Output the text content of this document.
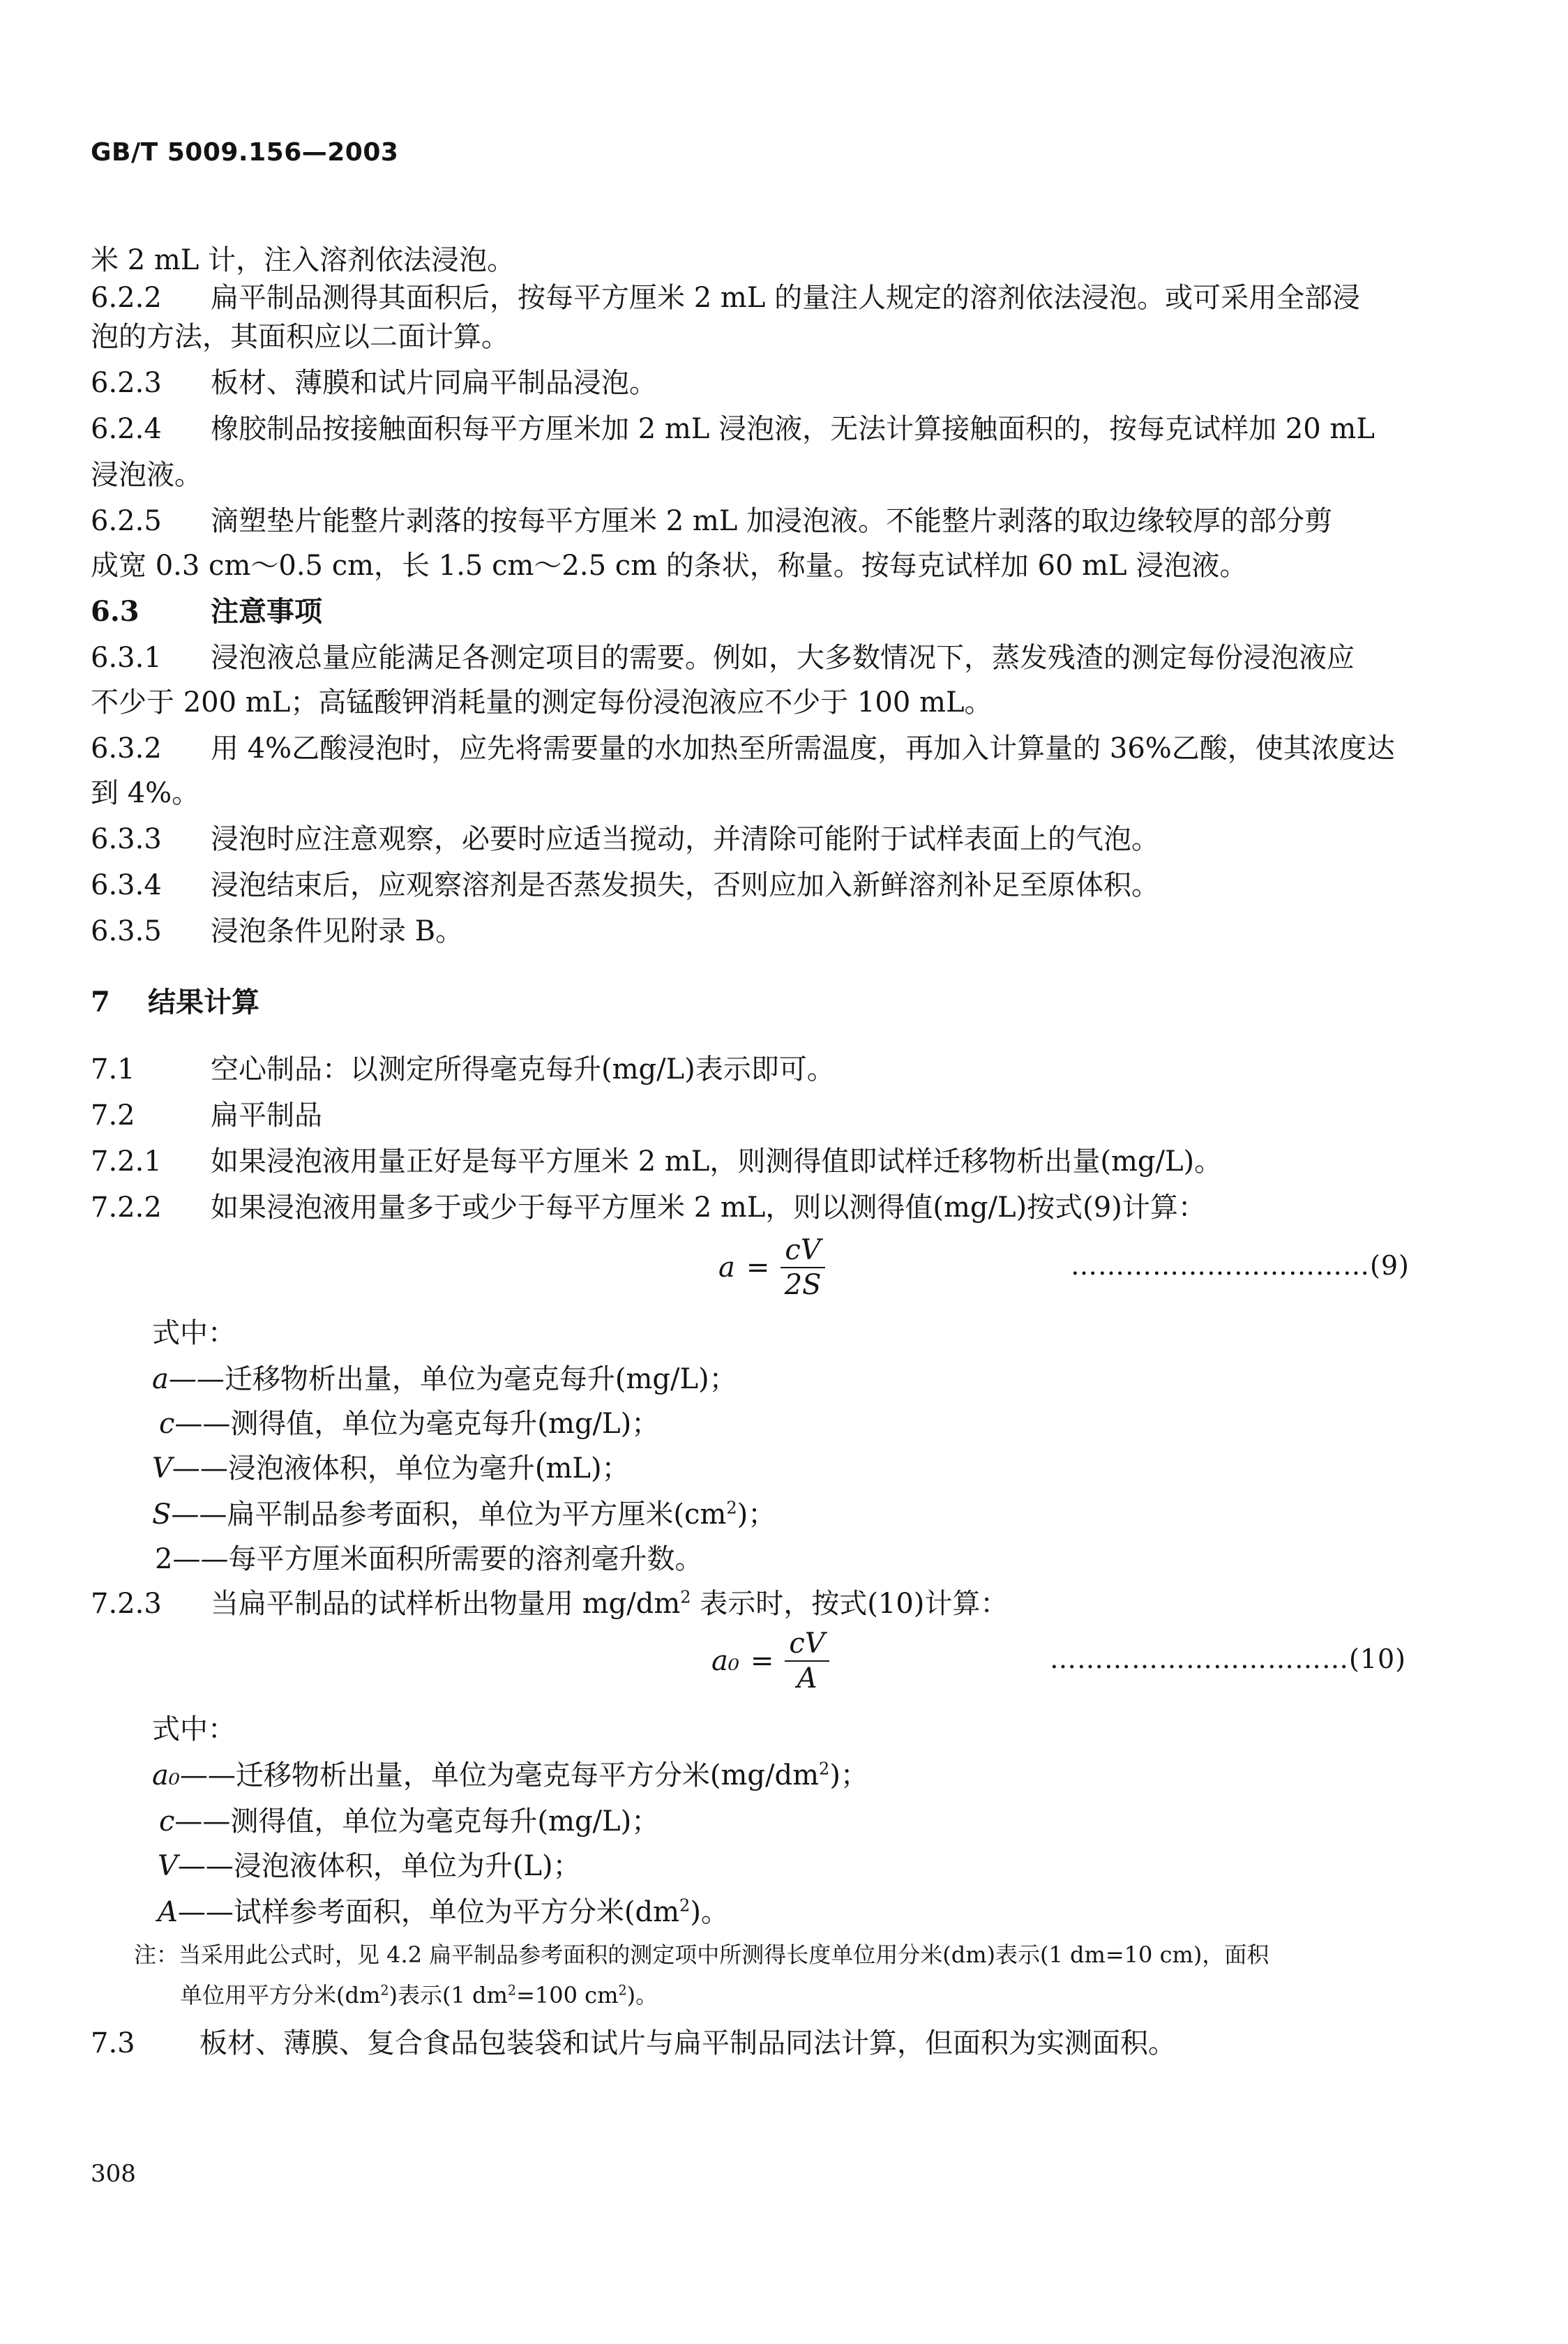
GB/T 5009.156—2003
米 2 mL 计，注入溶剂依法浸泡。
6.2.2 扁平制品测得其面积后，按每平方厘米 2 mL 的量注人规定的溶剂依法浸泡。或可采用全部浸
泡的方法，其面积应以二面计算。
6.2.3 板材、薄膜和试片同扁平制品浸泡。
6.2.4 橡胶制品按接触面积每平方厘米加 2 mL 浸泡液，无法计算接触面积的，按每克试样加 20 mL
浸泡液。
6.2.5 滴塑垫片能整片剥落的按每平方厘米 2 mL 加浸泡液。不能整片剥落的取边缘较厚的部分剪
成宽 0.3 cm～0.5 cm，长 1.5 cm～2.5 cm 的条状，称量。按每克试样加 60 mL 浸泡液。
6.3	注意事项
6.3.1 浸泡液总量应能满足各测定项目的需要。例如，大多数情况下，蒸发残渣的测定每份浸泡液应
不少于 200 mL；高锰酸钾消耗量的测定每份浸泡液应不少于 100 mL。
6.3.2 用 4%乙酸浸泡时，应先将需要量的水加热至所需温度，再加入计算量的 36%乙酸，使其浓度达
到 4%。
6.3.3 浸泡时应注意观察，必要时应适当搅动，并清除可能附于试样表面上的气泡。
6.3.4 浸泡结束后，应观察溶剂是否蒸发损失，否则应加入新鲜溶剂补足至原体积。
6.3.5 浸泡条件见附录 B。
7 结果计算
7.1	空心制品：以测定所得毫克每升(mg/L)表示即可。
7.2	扁平制品
7.2.1 如果浸泡液用量正好是每平方厘米 2 mL，则测得值即试样迁移物析出量(mg/L)。
7.2.2 如果浸泡液用量多于或少于每平方厘米 2 mL，则以测得值(mg/L)按式(9)计算：
$a = \frac{cV}{2S}$	……………………………(9)
式中：
a——迁移物析出量，单位为毫克每升(mg/L)；
c——测得值，单位为毫克每升(mg/L)；
V——浸泡液体积，单位为毫升(mL)；
S——扁平制品参考面积，单位为平方厘米$(cm^2)$；
2——每平方厘米面积所需要的溶剂毫升数。
7.2.3 当扁平制品的试样析出物量用 $mg/dm^2$ 表示时，按式(10)计算：
$a_0 = \frac{cV}{A}$	……………………………(10)
式中：
a₀——迁移物析出量，单位为毫克每平方分米$(mg/dm^2)$；
c——测得值，单位为毫克每升(mg/L)；
V——浸泡液体积，单位为升(L)；
A——试样参考面积，单位为平方分米$(dm^2)$。
注：当采用此公式时，见 4.2 扁平制品参考面积的测定项中所测得长度单位用分米(dm)表示(1 dm=10 cm)，面积
单位用平方分米$(dm^2)$表示(1 $dm^2=100$ $cm^2$)。
7.3 板材、薄膜、复合食品包装袋和试片与扁平制品同法计算，但面积为实测面积。
308
